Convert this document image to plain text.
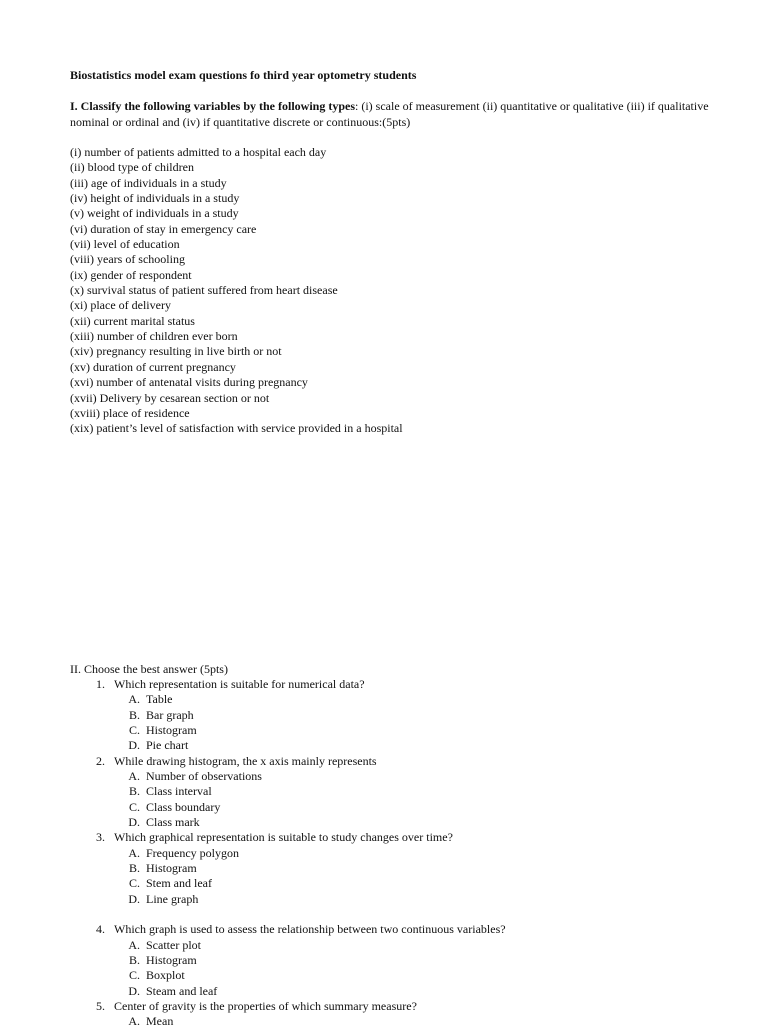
Biostatistics model exam questions fo third year optometry students
I. Classify the following variables by the following types: (i) scale of measurement (ii) quantitative or qualitative (iii) if qualitative nominal or ordinal and (iv) if quantitative discrete or continuous:(5pts)
(i) number of patients admitted to a hospital each day
(ii) blood type of children
(iii) age of individuals in a study
(iv) height of individuals in a study
(v) weight of individuals in a study
(vi) duration of stay in emergency care
(vii) level of education
(viii) years of schooling
(ix) gender of respondent
(x) survival status of patient suffered from heart disease
(xi) place of delivery
(xii) current marital status
(xiii) number of children ever born
(xiv) pregnancy resulting in live birth or not
(xv) duration of current pregnancy
(xvi) number of antenatal visits during pregnancy
(xvii) Delivery by cesarean section or not
(xviii) place of residence
(xix) patient’s level of satisfaction with service provided in a hospital
II. Choose the best answer (5pts)
1. Which representation is suitable for numerical data?
A. Table
B. Bar graph
C. Histogram
D. Pie chart
2. While drawing histogram, the x axis mainly represents
A. Number of observations
B. Class interval
C. Class boundary
D. Class mark
3. Which graphical representation is suitable to study changes over time?
A. Frequency polygon
B. Histogram
C. Stem and leaf
D. Line graph
4. Which graph is used to assess the relationship between two continuous variables?
A. Scatter plot
B. Histogram
C. Boxplot
D. Steam and leaf
5. Center of gravity is the properties of which summary measure?
A. Mean
